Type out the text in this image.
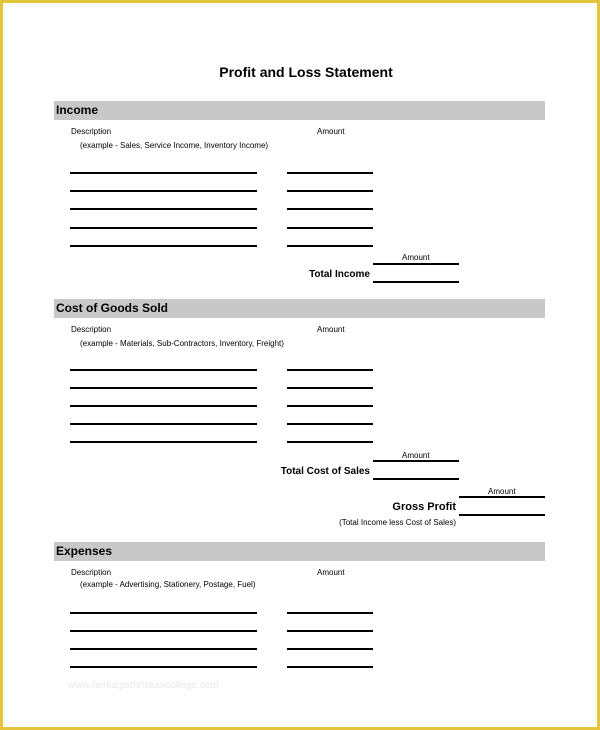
Profit and Loss Statement
Income
Description	Amount
(example - Sales, Service Income, Inventory Income)
Amount
Total Income
Cost of Goods Sold
Description	Amount
(example - Materials, Sub-Contractors, Inventory, Freight)
Amount
Total Cost of Sales
Amount
Gross Profit
(Total Income less Cost of Sales)
Expenses
Description	Amount
(example - Advertising, Stationery, Postage, Fuel)
www.heritagechristiancollege.com
